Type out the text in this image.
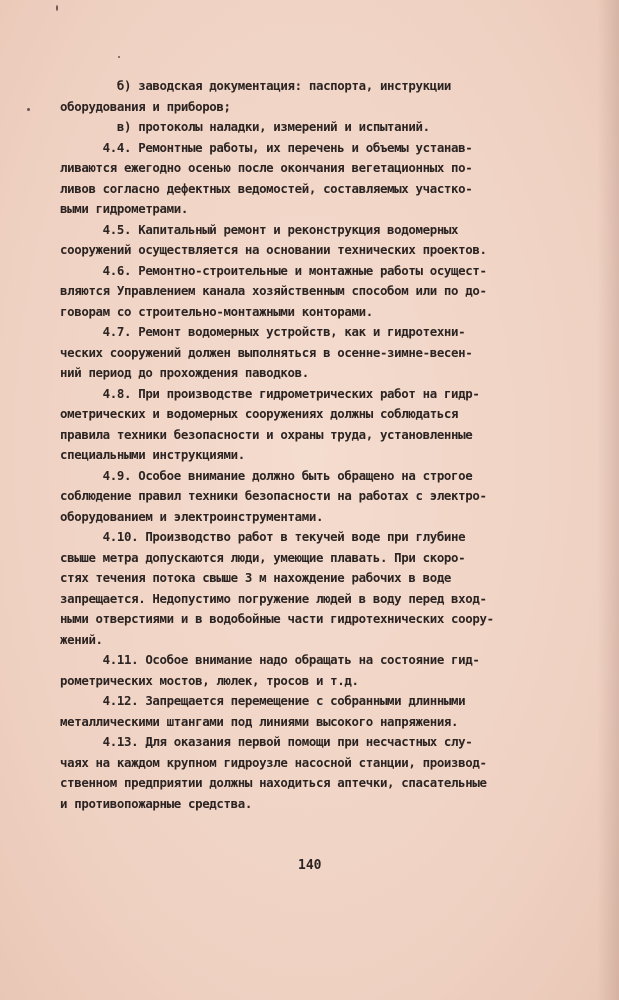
б) заводская документация: паспорта, инструкции
оборудования и приборов;
в) протоколы наладки, измерений и испытаний.
4.4. Ремонтные работы, их перечень и объемы устанав-
ливаются ежегодно осенью после окончания вегетационных по-
ливов согласно дефектных ведомостей, составляемых участко-
выми гидрометрами.
4.5. Капитальный ремонт и реконструкция водомерных
сооружений осуществляется на основании технических проектов.
4.6. Ремонтно-строительные и монтажные работы осущест-
вляются Управлением канала хозяйственным способом или по до-
говорам со строительно-монтажными конторами.
4.7. Ремонт водомерных устройств, как и гидротехни-
ческих сооружений должен выполняться в осенне-зимне-весен-
ний период до прохождения паводков.
4.8. При производстве гидрометрических работ на гидр-
ометрических и водомерных сооружениях должны соблюдаться
правила техники безопасности и охраны труда, установленные
специальными инструкциями.
4.9. Особое внимание должно быть обращено на строгое
соблюдение правил техники безопасности на работах с электро-
оборудованием и электроинструментами.
4.10. Производство работ в текучей воде при глубине
свыше метра допускаются люди, умеющие плавать. При скоро-
стях течения потока свыше 3 м нахождение рабочих в воде
запрещается. Недопустимо погружение людей в воду перед вход-
ными отверстиями и в водобойные части гидротехнических соору-
жений.
4.11. Особое внимание надо обращать на состояние гид-
рометрических мостов, люлек, тросов и т.д.
4.12. Запрещается перемещение с собранными длинными
металлическими штангами под линиями высокого напряжения.
4.13. Для оказания первой помощи при несчастных слу-
чаях на каждом крупном гидроузле насосной станции, производ-
ственном предприятии должны находиться аптечки, спасательные
и противопожарные средства.
140
